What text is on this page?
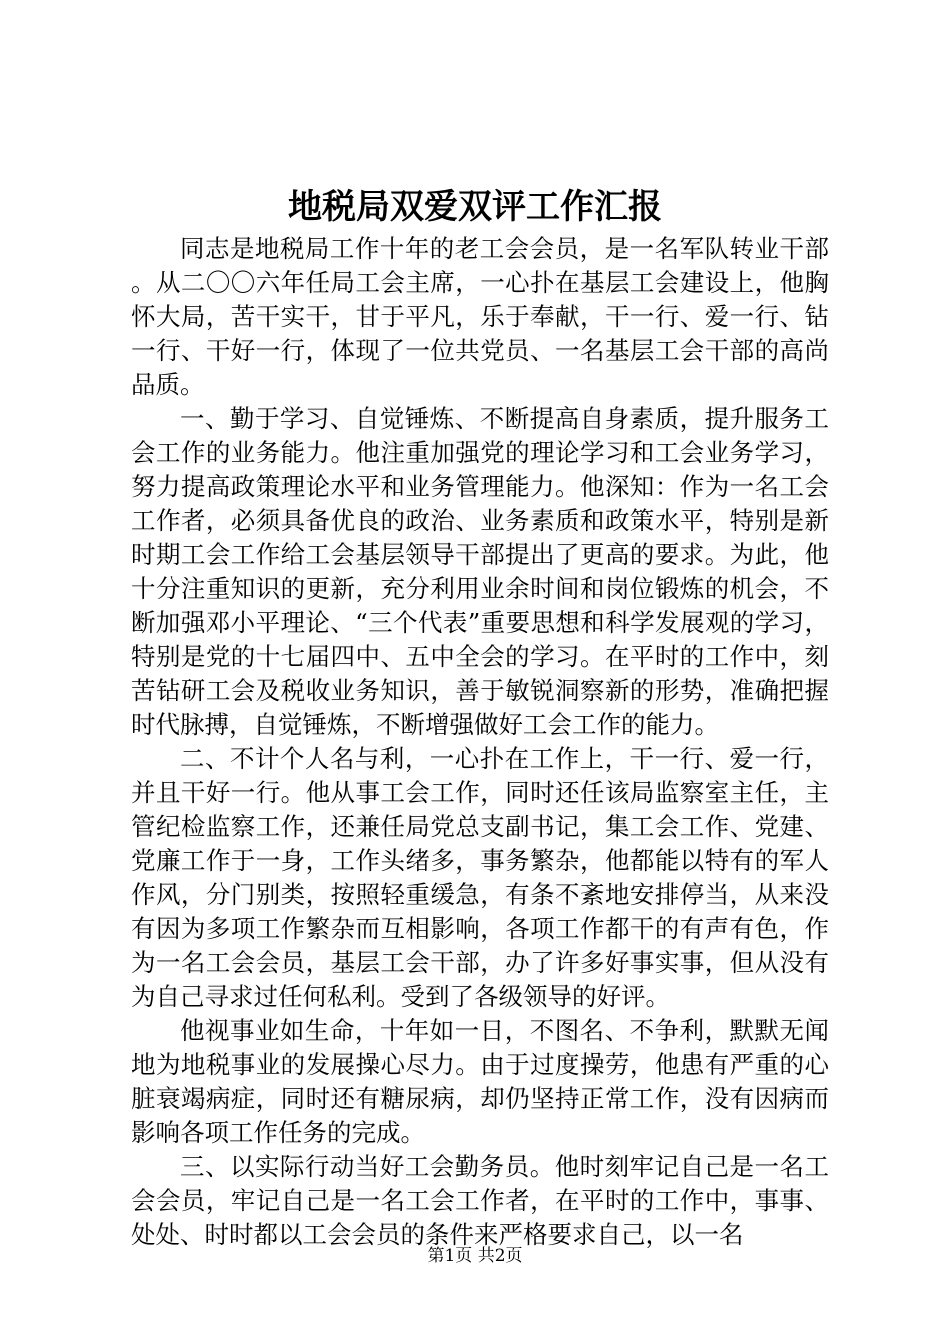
地税局双爱双评工作汇报

同志是地税局工作十年的老工会会员，是一名军队转业干部。从二〇〇六年任局工会主席，一心扑在基层工会建设上，他胸怀大局，苦干实干，甘于平凡，乐于奉献，干一行、爱一行、钻一行、干好一行，体现了一位共党员、一名基层工会干部的高尚品质。

一、勤于学习、自觉锤炼、不断提高自身素质，提升服务工会工作的业务能力。他注重加强党的理论学习和工会业务学习，努力提高政策理论水平和业务管理能力。他深知：作为一名工会工作者，必须具备优良的政治、业务素质和政策水平，特别是新时期工会工作给工会基层领导干部提出了更高的要求。为此，他十分注重知识的更新，充分利用业余时间和岗位锻炼的机会，不断加强邓小平理论、“三个代表”重要思想和科学发展观的学习，特别是党的十七届四中、五中全会的学习。在平时的工作中，刻苦钻研工会及税收业务知识，善于敏锐洞察新的形势，准确把握时代脉搏，自觉锤炼，不断增强做好工会工作的能力。

二、不计个人名与利，一心扑在工作上，干一行、爱一行，并且干好一行。他从事工会工作，同时还任该局监察室主任，主管纪检监察工作，还兼任局党总支副书记，集工会工作、党建、党廉工作于一身，工作头绪多，事务繁杂，他都能以特有的军人作风，分门别类，按照轻重缓急，有条不紊地安排停当，从来没有因为多项工作繁杂而互相影响，各项工作都干的有声有色，作为一名工会会员，基层工会干部，办了许多好事实事，但从没有为自己寻求过任何私利。受到了各级领导的好评。

他视事业如生命，十年如一日，不图名、不争利，默默无闻地为地税事业的发展操心尽力。由于过度操劳，他患有严重的心脏衰竭病症，同时还有糖尿病，却仍坚持正常工作，没有因病而影响各项工作任务的完成。

三、以实际行动当好工会勤务员。他时刻牢记自己是一名工会会员，牢记自己是一名工会工作者，在平时的工作中，事事、处处、时时都以工会会员的条件来严格要求自己，以一名

第1页 共2页
